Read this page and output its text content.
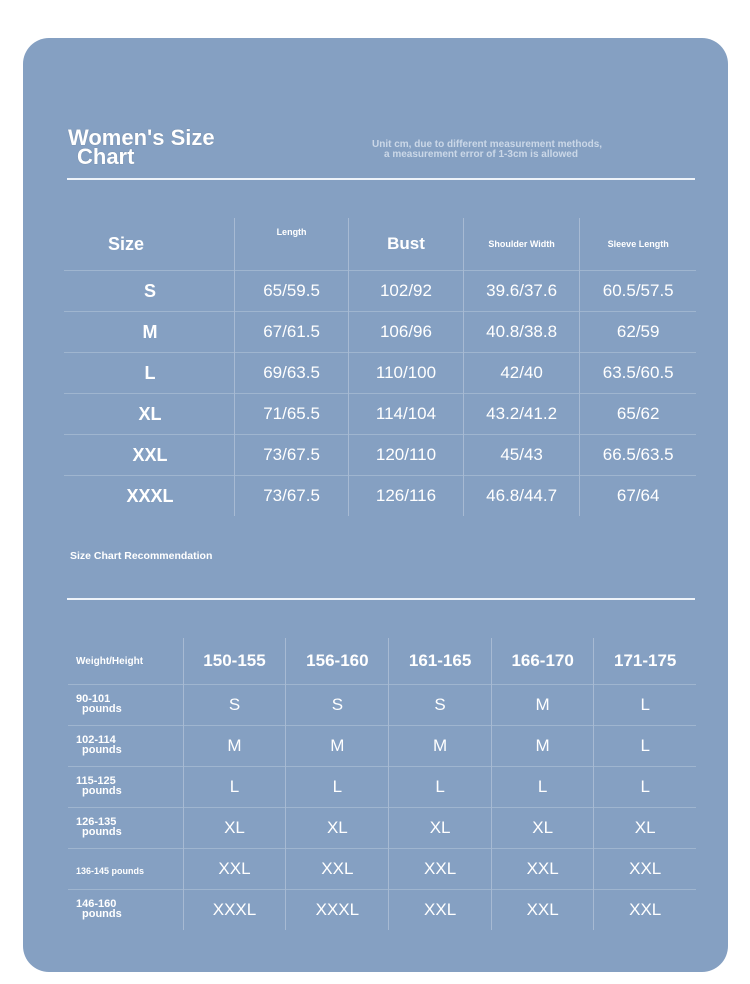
Women's Size
Chart	Unit cm, due to different measurement methods,
a measurement error of 1-3cm is allowed
Size	Length	Bust	Shoulder Width	Sleeve Length
S	65/59.5	102/92	39.6/37.6	60.5/57.5
M	67/61.5	106/96	40.8/38.8	62/59
L	69/63.5	110/100	42/40	63.5/60.5
XL	71/65.5	114/104	43.2/41.2	65/62
XXL	73/67.5	120/110	45/43	66.5/63.5
XXXL	73/67.5	126/116	46.8/44.7	67/64
Size Chart Recommendation
Weight/Height	150-155	156-160	161-165	166-170	171-175
90-101
pounds	S	S	S	M	L
102-114
pounds	M	M	M	M	L
115-125
pounds	L	L	L	L	L
126-135
pounds	XL	XL	XL	XL	XL
136-145 pounds	XXL	XXL	XXL	XXL	XXL
146-160
pounds	XXXL	XXXL	XXL	XXL	XXL
